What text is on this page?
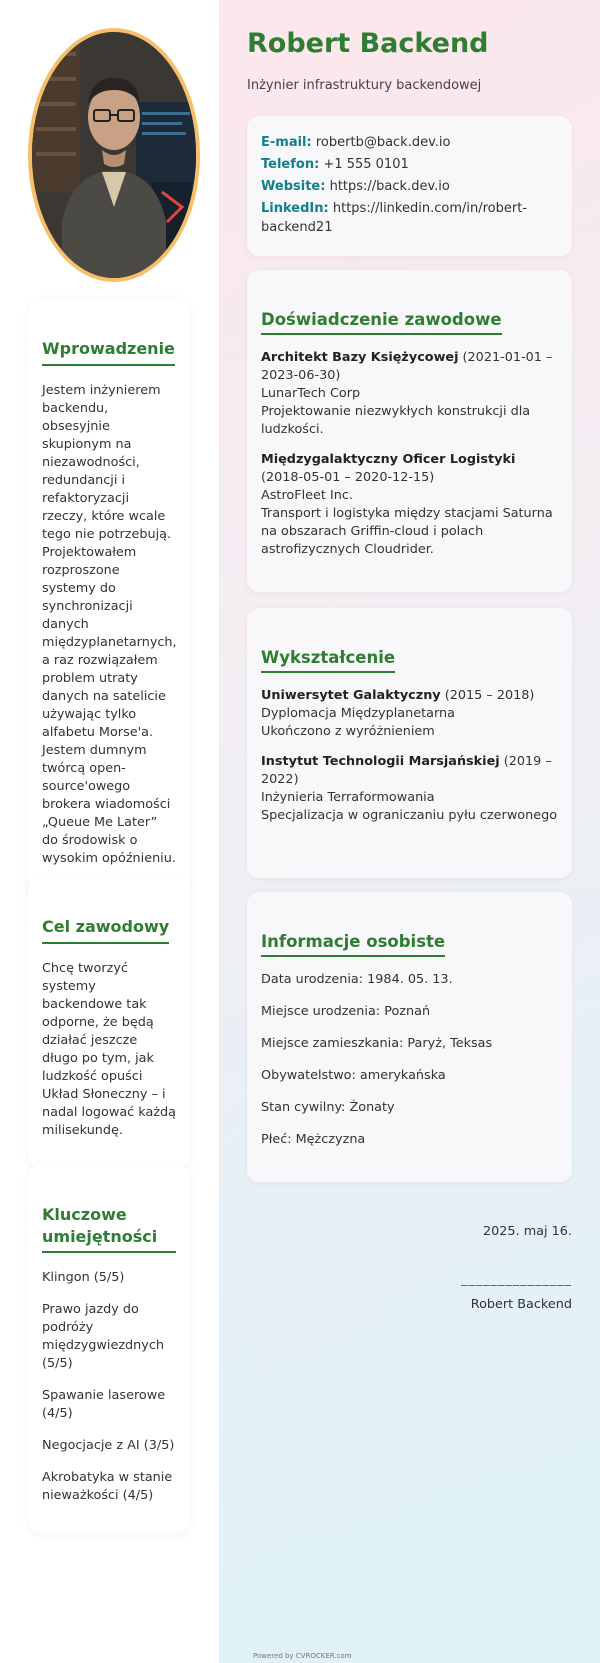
Wprowadzenie

Jestem inżynierem backendu, obsesyjnie skupionym na niezawodności, redundancji i refaktoryzacji rzeczy, które wcale tego nie potrzebują. Projektowałem rozproszone systemy do synchronizacji danych międzyplanetarnych, a raz rozwiązałem problem utraty danych na satelicie używając tylko alfabetu Morse'a. Jestem dumnym twórcą open-source'owego brokera wiadomości „Queue Me Later” do środowisk o wysokim opóźnieniu.

Cel zawodowy

Chcę tworzyć systemy backendowe tak odporne, że będą działać jeszcze długo po tym, jak ludzkość opuści Układ Słoneczny – i nadal logować każdą milisekundę.

Kluczowe umiejętności
Klingon (5/5)
Prawo jazdy do podróży międzygwiezdnych (5/5)
Spawanie laserowe (4/5)
Negocjacje z AI (3/5)
Akrobatyka w stanie nieważkości (4/5)
Robert Backend
Inżynier infrastruktury backendowej
E-mail: robertb@back.dev.io
Telefon: +1 555 0101
Website: https://back.dev.io
LinkedIn: https://linkedin.com/in/robert-backend21
Doświadczenie zawodowe
Architekt Bazy Księżycowej (2021-01-01 – 2023-06-30)
LunarTech Corp
Projektowanie niezwykłych konstrukcji dla ludzkości.
Międzygalaktyczny Oficer Logistyki (2018-05-01 – 2020-12-15)
AstroFleet Inc.
Transport i logistyka między stacjami Saturna na obszarach Griffin-cloud i polach astrofizycznych Cloudrider.
Wykształcenie
Uniwersytet Galaktyczny (2015 – 2018)
Dyplomacja Międzyplanetarna
Ukończono z wyróżnieniem
Instytut Technologii Marsjańskiej (2019 – 2022)
Inżynieria Terraformowania
Specjalizacja w ograniczaniu pyłu czerwonego
Informacje osobiste
Data urodzenia: 1984. 05. 13.
Miejsce urodzenia: Poznań
Miejsce zamieszkania: Paryż, Teksas
Obywatelstwo: amerykańska
Stan cywilny: Żonaty
Płeć: Mężczyzna
2025. maj 16.
_______________
Robert Backend
Powered by CVROCKER.com
